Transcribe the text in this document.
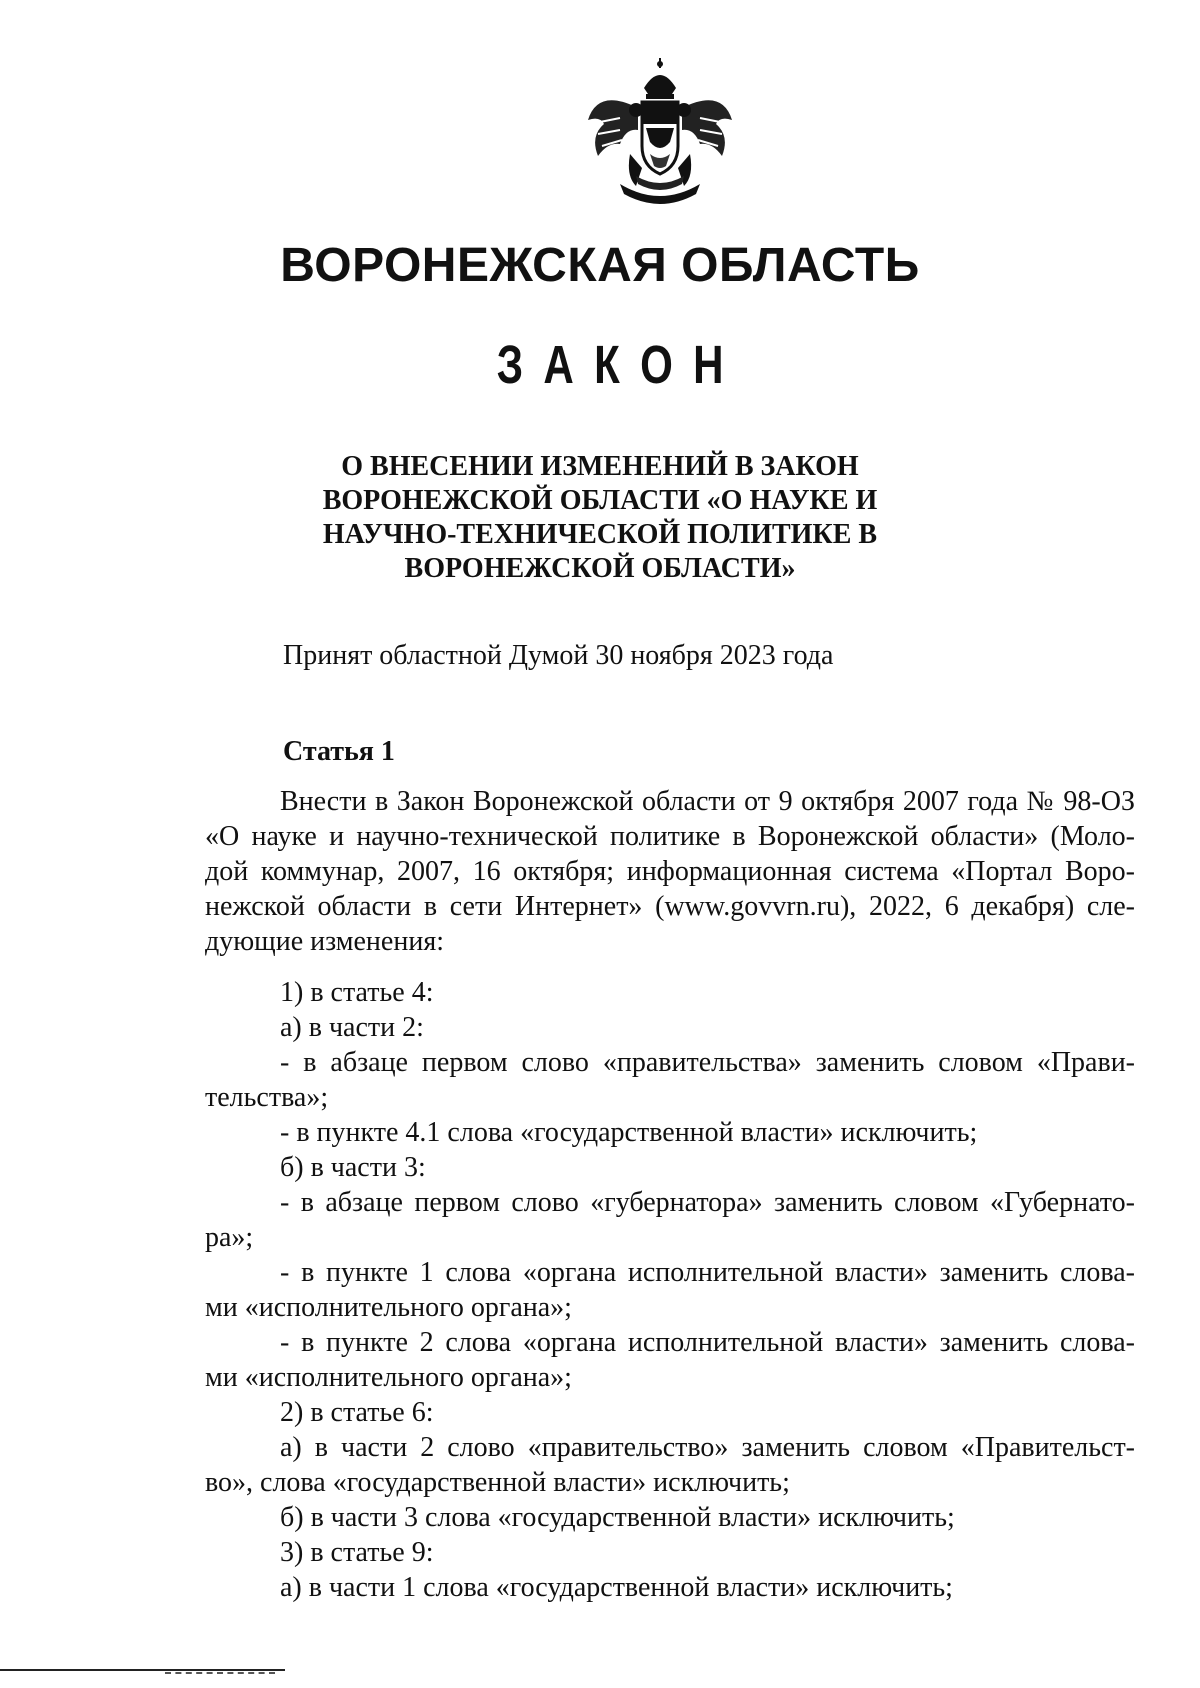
ВОРОНЕЖСКАЯ ОБЛАСТЬ
ЗАКОН
О ВНЕСЕНИИ ИЗМЕНЕНИЙ В ЗАКОН
ВОРОНЕЖСКОЙ ОБЛАСТИ «О НАУКЕ И
НАУЧНО-ТЕХНИЧЕСКОЙ ПОЛИТИКЕ В
ВОРОНЕЖСКОЙ ОБЛАСТИ»
Принят областной Думой 30 ноября 2023 года
Статья 1
Внести в Закон Воронежской области от 9 октября 2007 года № 98-ОЗ
«О науке и научно-технической политике в Воронежской области» (Моло-
дой коммунар, 2007, 16 октября; информационная система «Портал Воро-
нежской области в сети Интернет» (www.govvrn.ru), 2022, 6 декабря) сле-
дующие изменения:
1) в статье 4:
а) в части 2:
- в абзаце первом слово «правительства» заменить словом «Прави-
тельства»;
- в пункте 4.1 слова «государственной власти» исключить;
б) в части 3:
- в абзаце первом слово «губернатора» заменить словом «Губернато-
ра»;
- в пункте 1 слова «органа исполнительной власти» заменить слова-
ми «исполнительного органа»;
- в пункте 2 слова «органа исполнительной власти» заменить слова-
ми «исполнительного органа»;
2) в статье 6:
а) в части 2 слово «правительство» заменить словом «Правительст-
во», слова «государственной власти» исключить;
б) в части 3 слова «государственной власти» исключить;
3) в статье 9:
а) в части 1 слова «государственной власти» исключить;
